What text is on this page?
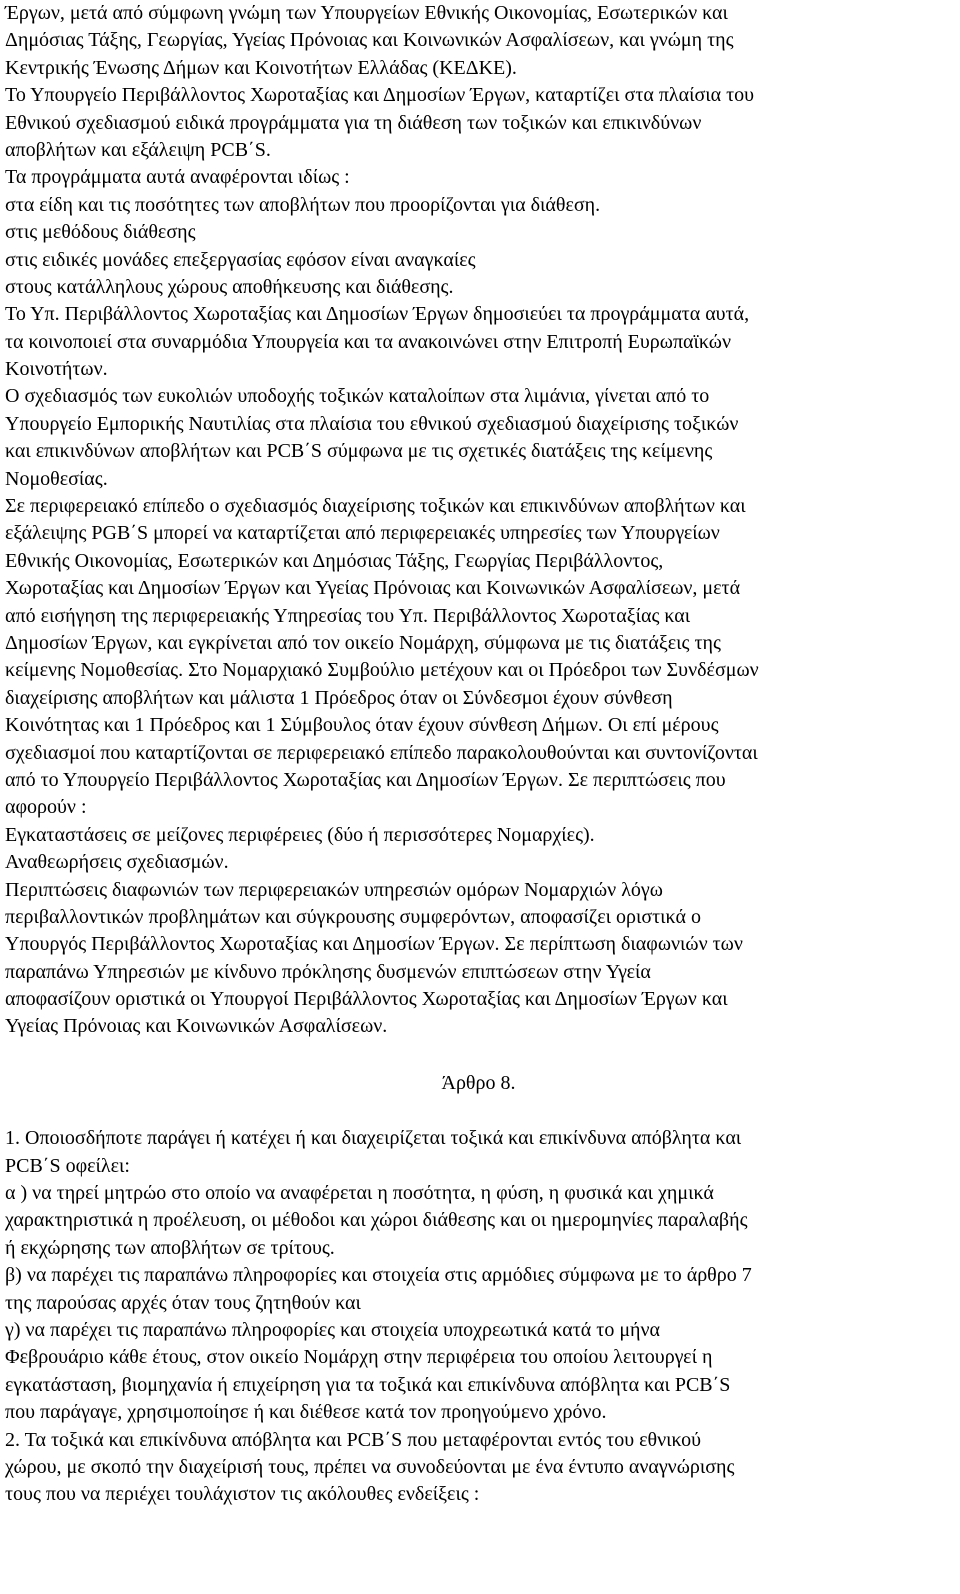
Έργων, μετά από σύμφωνη γνώμη των Υπουργείων Εθνικής Οικονομίας, Εσωτερικών και
Δημόσιας Τάξης, Γεωργίας, Υγείας Πρόνοιας και Κοινωνικών Ασφαλίσεων, και γνώμη της
Κεντρικής Ένωσης Δήμων και Κοινοτήτων Ελλάδας (ΚΕΔΚΕ).
Το Υπουργείο Περιβάλλοντος Χωροταξίας και Δημοσίων Έργων, καταρτίζει στα πλαίσια του
Εθνικού σχεδιασμού ειδικά προγράμματα για τη διάθεση των τοξικών και επικινδύνων
αποβλήτων και εξάλειψη PCB΄S.
Τα προγράμματα αυτά αναφέρονται ιδίως :
στα είδη και τις ποσότητες των αποβλήτων που προορίζονται για διάθεση.
στις μεθόδους διάθεσης
στις ειδικές μονάδες επεξεργασίας εφόσον είναι αναγκαίες
στους κατάλληλους χώρους αποθήκευσης και διάθεσης.
Το Υπ. Περιβάλλοντος Χωροταξίας και Δημοσίων Έργων δημοσιεύει τα προγράμματα αυτά,
τα κοινοποιεί στα συναρμόδια Υπουργεία και τα ανακοινώνει στην Επιτροπή Ευρωπαϊκών
Κοινοτήτων.
Ο σχεδιασμός των ευκολιών υποδοχής τοξικών καταλοίπων στα λιμάνια, γίνεται από το
Υπουργείο Εμπορικής Ναυτιλίας στα πλαίσια του εθνικού σχεδιασμού διαχείρισης τοξικών
και επικινδύνων αποβλήτων και PCB΄S σύμφωνα με τις σχετικές διατάξεις της κείμενης
Νομοθεσίας.
Σε περιφερειακό επίπεδο ο σχεδιασμός διαχείρισης τοξικών και επικινδύνων αποβλήτων και
εξάλειψης PGB΄S μπορεί να καταρτίζεται από περιφερειακές υπηρεσίες των Υπουργείων
Εθνικής Οικονομίας, Εσωτερικών και Δημόσιας Τάξης, Γεωργίας Περιβάλλοντος,
Χωροταξίας και Δημοσίων Έργων και Υγείας Πρόνοιας και Κοινωνικών Ασφαλίσεων, μετά
από εισήγηση της περιφερειακής Υπηρεσίας του Υπ. Περιβάλλοντος Χωροταξίας και
Δημοσίων Έργων, και εγκρίνεται από τον οικείο Νομάρχη, σύμφωνα με τις διατάξεις της
κείμενης Νομοθεσίας. Στο Νομαρχιακό Συμβούλιο μετέχουν και οι Πρόεδροι των Συνδέσμων
διαχείρισης αποβλήτων και μάλιστα 1 Πρόεδρος όταν οι Σύνδεσμοι έχουν σύνθεση
Κοινότητας και 1 Πρόεδρος και 1 Σύμβουλος όταν έχουν σύνθεση Δήμων. Οι επί μέρους
σχεδιασμοί που καταρτίζονται σε περιφερειακό επίπεδο παρακολουθούνται και συντονίζονται
από το Υπουργείο Περιβάλλοντος Χωροταξίας και Δημοσίων Έργων. Σε περιπτώσεις που
αφορούν :
Εγκαταστάσεις σε μείζονες περιφέρειες (δύο ή περισσότερες Νομαρχίες).
Αναθεωρήσεις σχεδιασμών.
Περιπτώσεις διαφωνιών των περιφερειακών υπηρεσιών ομόρων Νομαρχιών λόγω
περιβαλλοντικών προβλημάτων και σύγκρουσης συμφερόντων, αποφασίζει οριστικά ο
Υπουργός Περιβάλλοντος Χωροταξίας και Δημοσίων Έργων. Σε περίπτωση διαφωνιών των
παραπάνω Υπηρεσιών με κίνδυνο πρόκλησης δυσμενών επιπτώσεων στην Υγεία
αποφασίζουν οριστικά οι Υπουργοί Περιβάλλοντος Χωροταξίας και Δημοσίων Έργων και
Υγείας Πρόνοιας και Κοινωνικών Ασφαλίσεων.
Άρθρο 8.
1. Οποιοσδήποτε παράγει ή κατέχει ή και διαχειρίζεται τοξικά και επικίνδυνα απόβλητα και
PCB΄S οφείλει:
α ) να τηρεί μητρώο στο οποίο να αναφέρεται η ποσότητα, η φύση, η φυσικά και χημικά
χαρακτηριστικά η προέλευση, οι μέθοδοι και χώροι διάθεσης και οι ημερομηνίες παραλαβής
ή εκχώρησης των αποβλήτων σε τρίτους.
β) να παρέχει τις παραπάνω πληροφορίες και στοιχεία στις αρμόδιες σύμφωνα με το άρθρο 7
της παρούσας αρχές όταν τους ζητηθούν και
γ) να παρέχει τις παραπάνω πληροφορίες και στοιχεία υποχρεωτικά κατά το μήνα
Φεβρουάριο κάθε έτους, στον οικείο Νομάρχη στην περιφέρεια του οποίου λειτουργεί η
εγκατάσταση, βιομηχανία ή επιχείρηση για τα τοξικά και επικίνδυνα απόβλητα και PCB΄S
που παράγαγε, χρησιμοποίησε ή και διέθεσε κατά τον προηγούμενο χρόνο.
2. Τα τοξικά και επικίνδυνα απόβλητα και PCB΄S που μεταφέρονται εντός του εθνικού
χώρου, με σκοπό την διαχείρισή τους, πρέπει να συνοδεύονται με ένα έντυπο αναγνώρισης
τους που να περιέχει τουλάχιστον τις ακόλουθες ενδείξεις :
